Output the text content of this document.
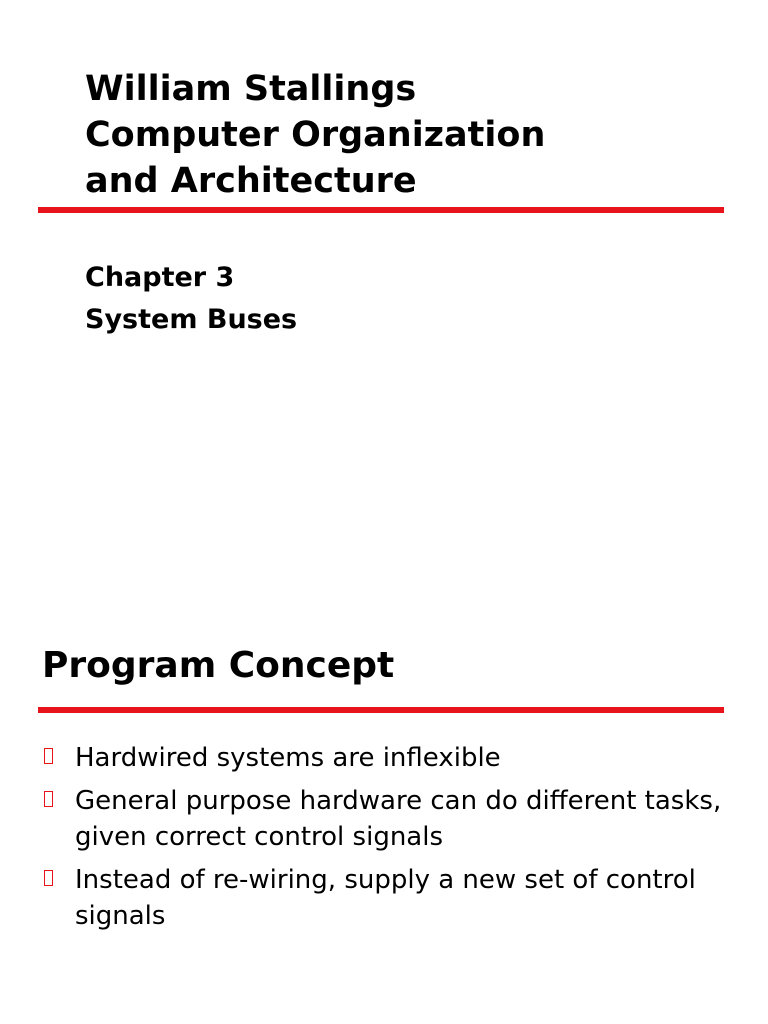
William Stallings
Computer Organization
and Architecture
Chapter 3
System Buses
Program Concept
Hardwired systems are inflexible
General purpose hardware can do different tasks, given correct control signals
Instead of re-wiring, supply a new set of control signals
